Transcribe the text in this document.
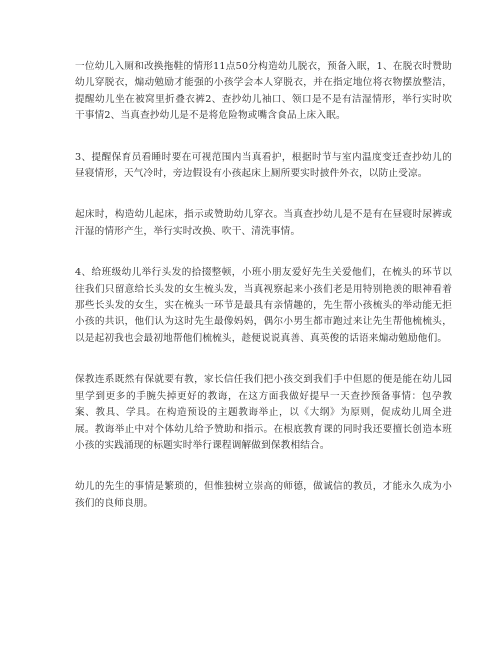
一位幼儿入厕和改换拖鞋的情形11点50分构造幼儿脱衣，预备入眠，1、在脱衣时赞助幼儿穿脱衣，煽动勉励才能强的小孩学会本人穿脱衣，并在指定地位将衣物摆放整洁，提醒幼儿坐在被窝里折叠衣裤2、查抄幼儿袖口、领口是不是有洁湿情形，举行实时吹干事情2、当真查抄幼儿是不是将危险物或嘴含食品上床入眠。

3、提醒保育员看睡时要在可视范围内当真看护，根据时节与室内温度变迁查抄幼儿的昼寝情形，天气冷时，旁边假设有小孩起床上厕所要实时披件外衣，以防止受凉。

起床时，构造幼儿起床，指示或赞助幼儿穿衣。当真查抄幼儿是不是有在昼寝时尿裤或汗湿的情形产生，举行实时改换、吹干、清洗事情。

4、给班级幼儿举行头发的拾掇整顿，小班小朋友爱好先生关爱他们，在梳头的环节以往我们只留意给长头发的女生梳头发，当真视察起来小孩们老是用特别艳羡的眼神看着那些长头发的女生，实在梳头一环节是最具有亲情趣的，先生帮小孩梳头的举动能无拒小孩的共识，他们认为这时先生最像妈妈，偶尔小男生都市跑过来让先生帮他梳梳头，以是起初我也会最初地帮他们梳梳头，趁便说说真善、真英俊的话语来煽动勉励他们。

保教连系既然有保就要有教，家长信任我们把小孩交到我们手中但愿的便是能在幼儿园里学到更多的手腕失掉更好的教诲，在这方面我做好提早一天查抄预备事情：包孕教案、教具、学具。在构造预设的主题教诲举止，以《大纲》为原则，促成幼儿周全进展。教诲举止中对个体幼儿给予赞助和指示。在根底教育课的同时我还要擅长创造本班小孩的实践涌现的标题实时举行课程调解做到保教相结合。

幼儿的先生的事情是繁琐的，但惟独树立崇高的师德，做诚信的教员，才能永久成为小孩们的良师良朋。
